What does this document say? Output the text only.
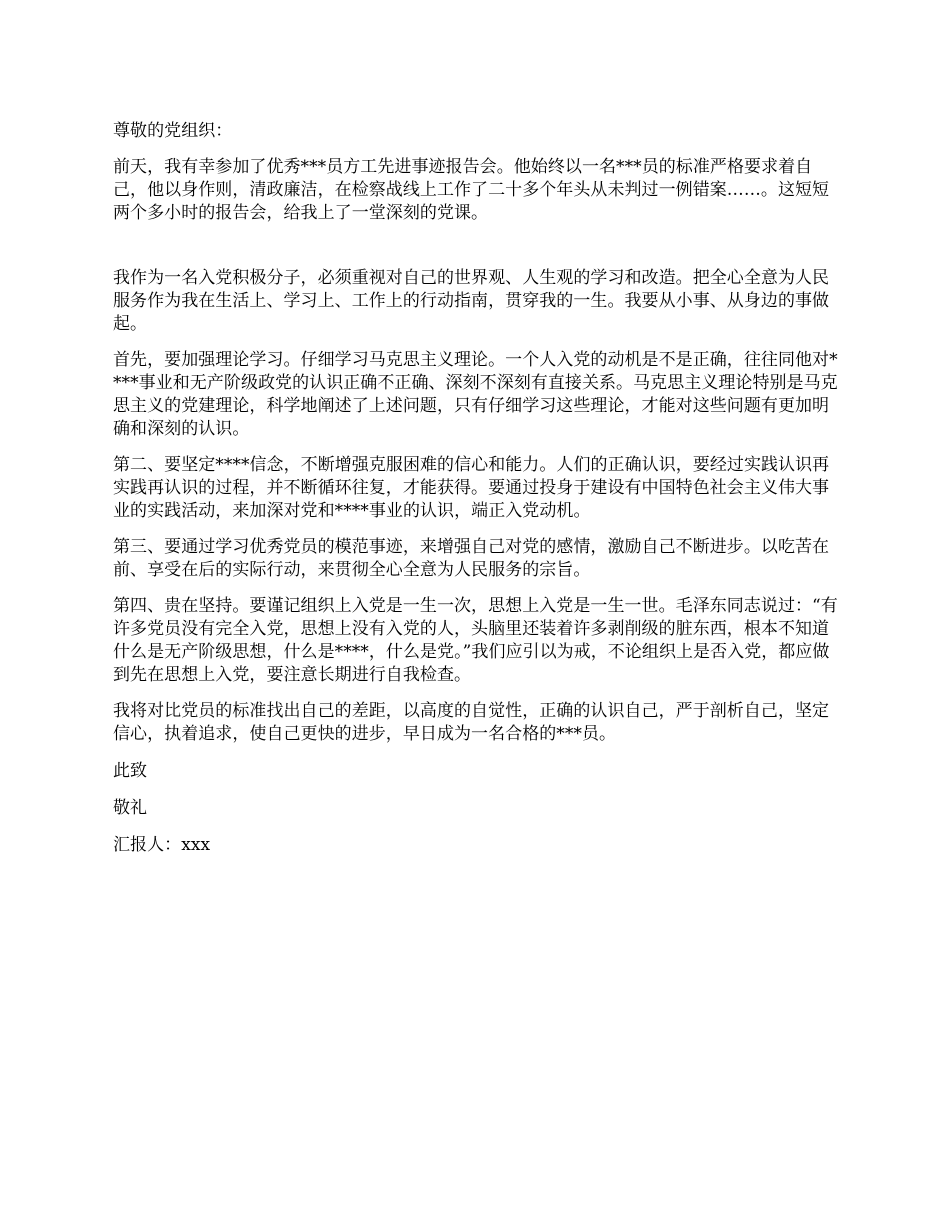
尊敬的党组织：

前天，我有幸参加了优秀***员方工先进事迹报告会。他始终以一名***员的标准严格要求着自己，他以身作则，清政廉洁，在检察战线上工作了二十多个年头从未判过一例错案……。这短短两个多小时的报告会，给我上了一堂深刻的党课。

我作为一名入党积极分子，必须重视对自己的世界观、人生观的学习和改造。把全心全意为人民服务作为我在生活上、学习上、工作上的行动指南，贯穿我的一生。我要从小事、从身边的事做起。

首先，要加强理论学习。仔细学习马克思主义理论。一个人入党的动机是不是正确，往往同他对****事业和无产阶级政党的认识正确不正确、深刻不深刻有直接关系。马克思主义理论特别是马克思主义的党建理论，科学地阐述了上述问题，只有仔细学习这些理论，才能对这些问题有更加明确和深刻的认识。

第二、要坚定****信念，不断增强克服困难的信心和能力。人们的正确认识，要经过实践认识再实践再认识的过程，并不断循环往复，才能获得。要通过投身于建设有中国特色社会主义伟大事业的实践活动，来加深对党和****事业的认识，端正入党动机。

第三、要通过学习优秀党员的模范事迹，来增强自己对党的感情，激励自己不断进步。以吃苦在前、享受在后的实际行动，来贯彻全心全意为人民服务的宗旨。

第四、贵在坚持。要谨记组织上入党是一生一次，思想上入党是一生一世。毛泽东同志说过：“有许多党员没有完全入党，思想上没有入党的人，头脑里还装着许多剥削级的脏东西，根本不知道什么是无产阶级思想，什么是****，什么是党。”我们应引以为戒，不论组织上是否入党，都应做到先在思想上入党，要注意长期进行自我检查。

我将对比党员的标准找出自己的差距，以高度的自觉性，正确的认识自己，严于剖析自己，坚定信心，执着追求，使自己更快的进步，早日成为一名合格的***员。

此致

敬礼

汇报人：xxx
